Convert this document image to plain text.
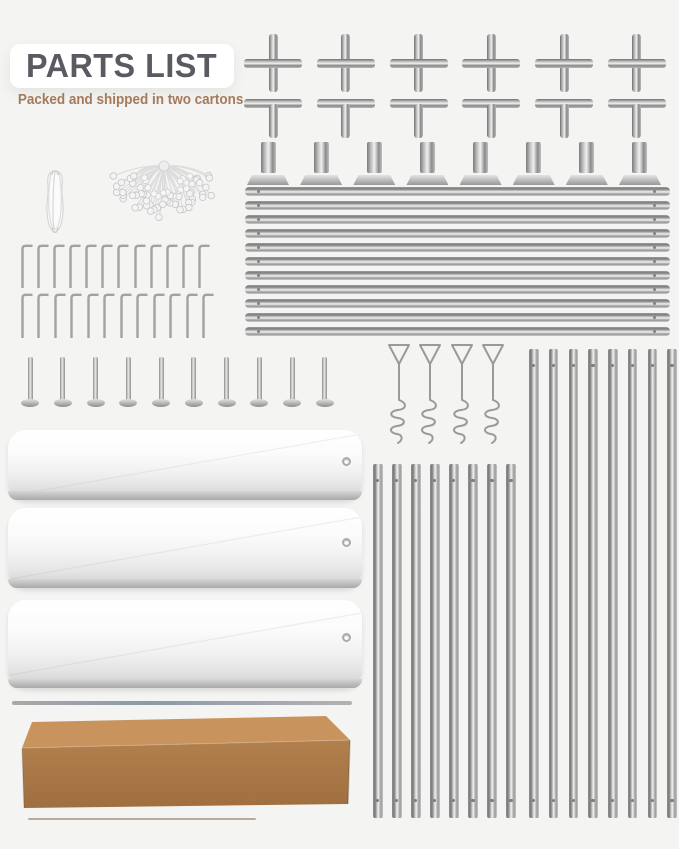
PARTS LIST
Packed and shipped in two cartons
